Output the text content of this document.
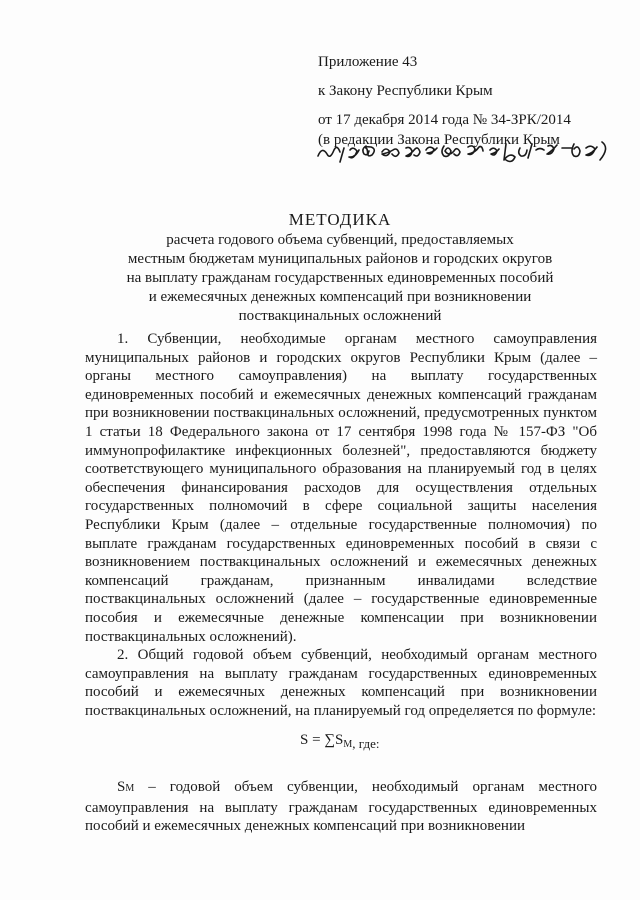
Приложение 43
к Закону Республики Крым
от 17 декабря 2014 года № 34-ЗРК/2014
(в редакции Закона Республики Крым
МЕТОДИКА
расчета годового объема субвенций, предоставляемых
местным бюджетам муниципальных районов и городских округов
на выплату гражданам государственных единовременных пособий
и ежемесячных денежных компенсаций при возникновении
поствакцинальных осложнений

1. Субвенции, необходимые органам местного самоуправления муниципальных районов и городских округов Республики Крым (далее – органы местного самоуправления) на выплату государственных единовременных пособий и ежемесячных денежных компенсаций гражданам при возникновении поствакцинальных осложнений, предусмотренных пунктом 1 статьи 18 Федерального закона от 17 сентября 1998 года № 157-ФЗ "Об иммунопрофилактике инфекционных болезней", предоставляются бюджету соответствующего муниципального образования на планируемый год в целях обеспечения финансирования расходов для осуществления отдельных государственных полномочий в сфере социальной защиты населения Республики Крым (далее – отдельные государственные полномочия) по выплате гражданам государственных единовременных пособий в связи с возникновением поствакцинальных осложнений и ежемесячных денежных компенсаций гражданам, признанным инвалидами вследствие поствакцинальных осложнений (далее – государственные единовременные пособия и ежемесячные денежные компенсации при возникновении поствакцинальных осложнений).

2. Общий годовой объем субвенций, необходимый органам местного самоуправления на выплату гражданам государственных единовременных пособий и ежемесячных денежных компенсаций при возникновении поствакцинальных осложнений, на планируемый год определяется по формуле:

$S = \sum S_М$, где:

SМ – годовой объем субвенции, необходимый органам местного самоуправления на выплату гражданам государственных единовременных пособий и ежемесячных денежных компенсаций при возникновении
